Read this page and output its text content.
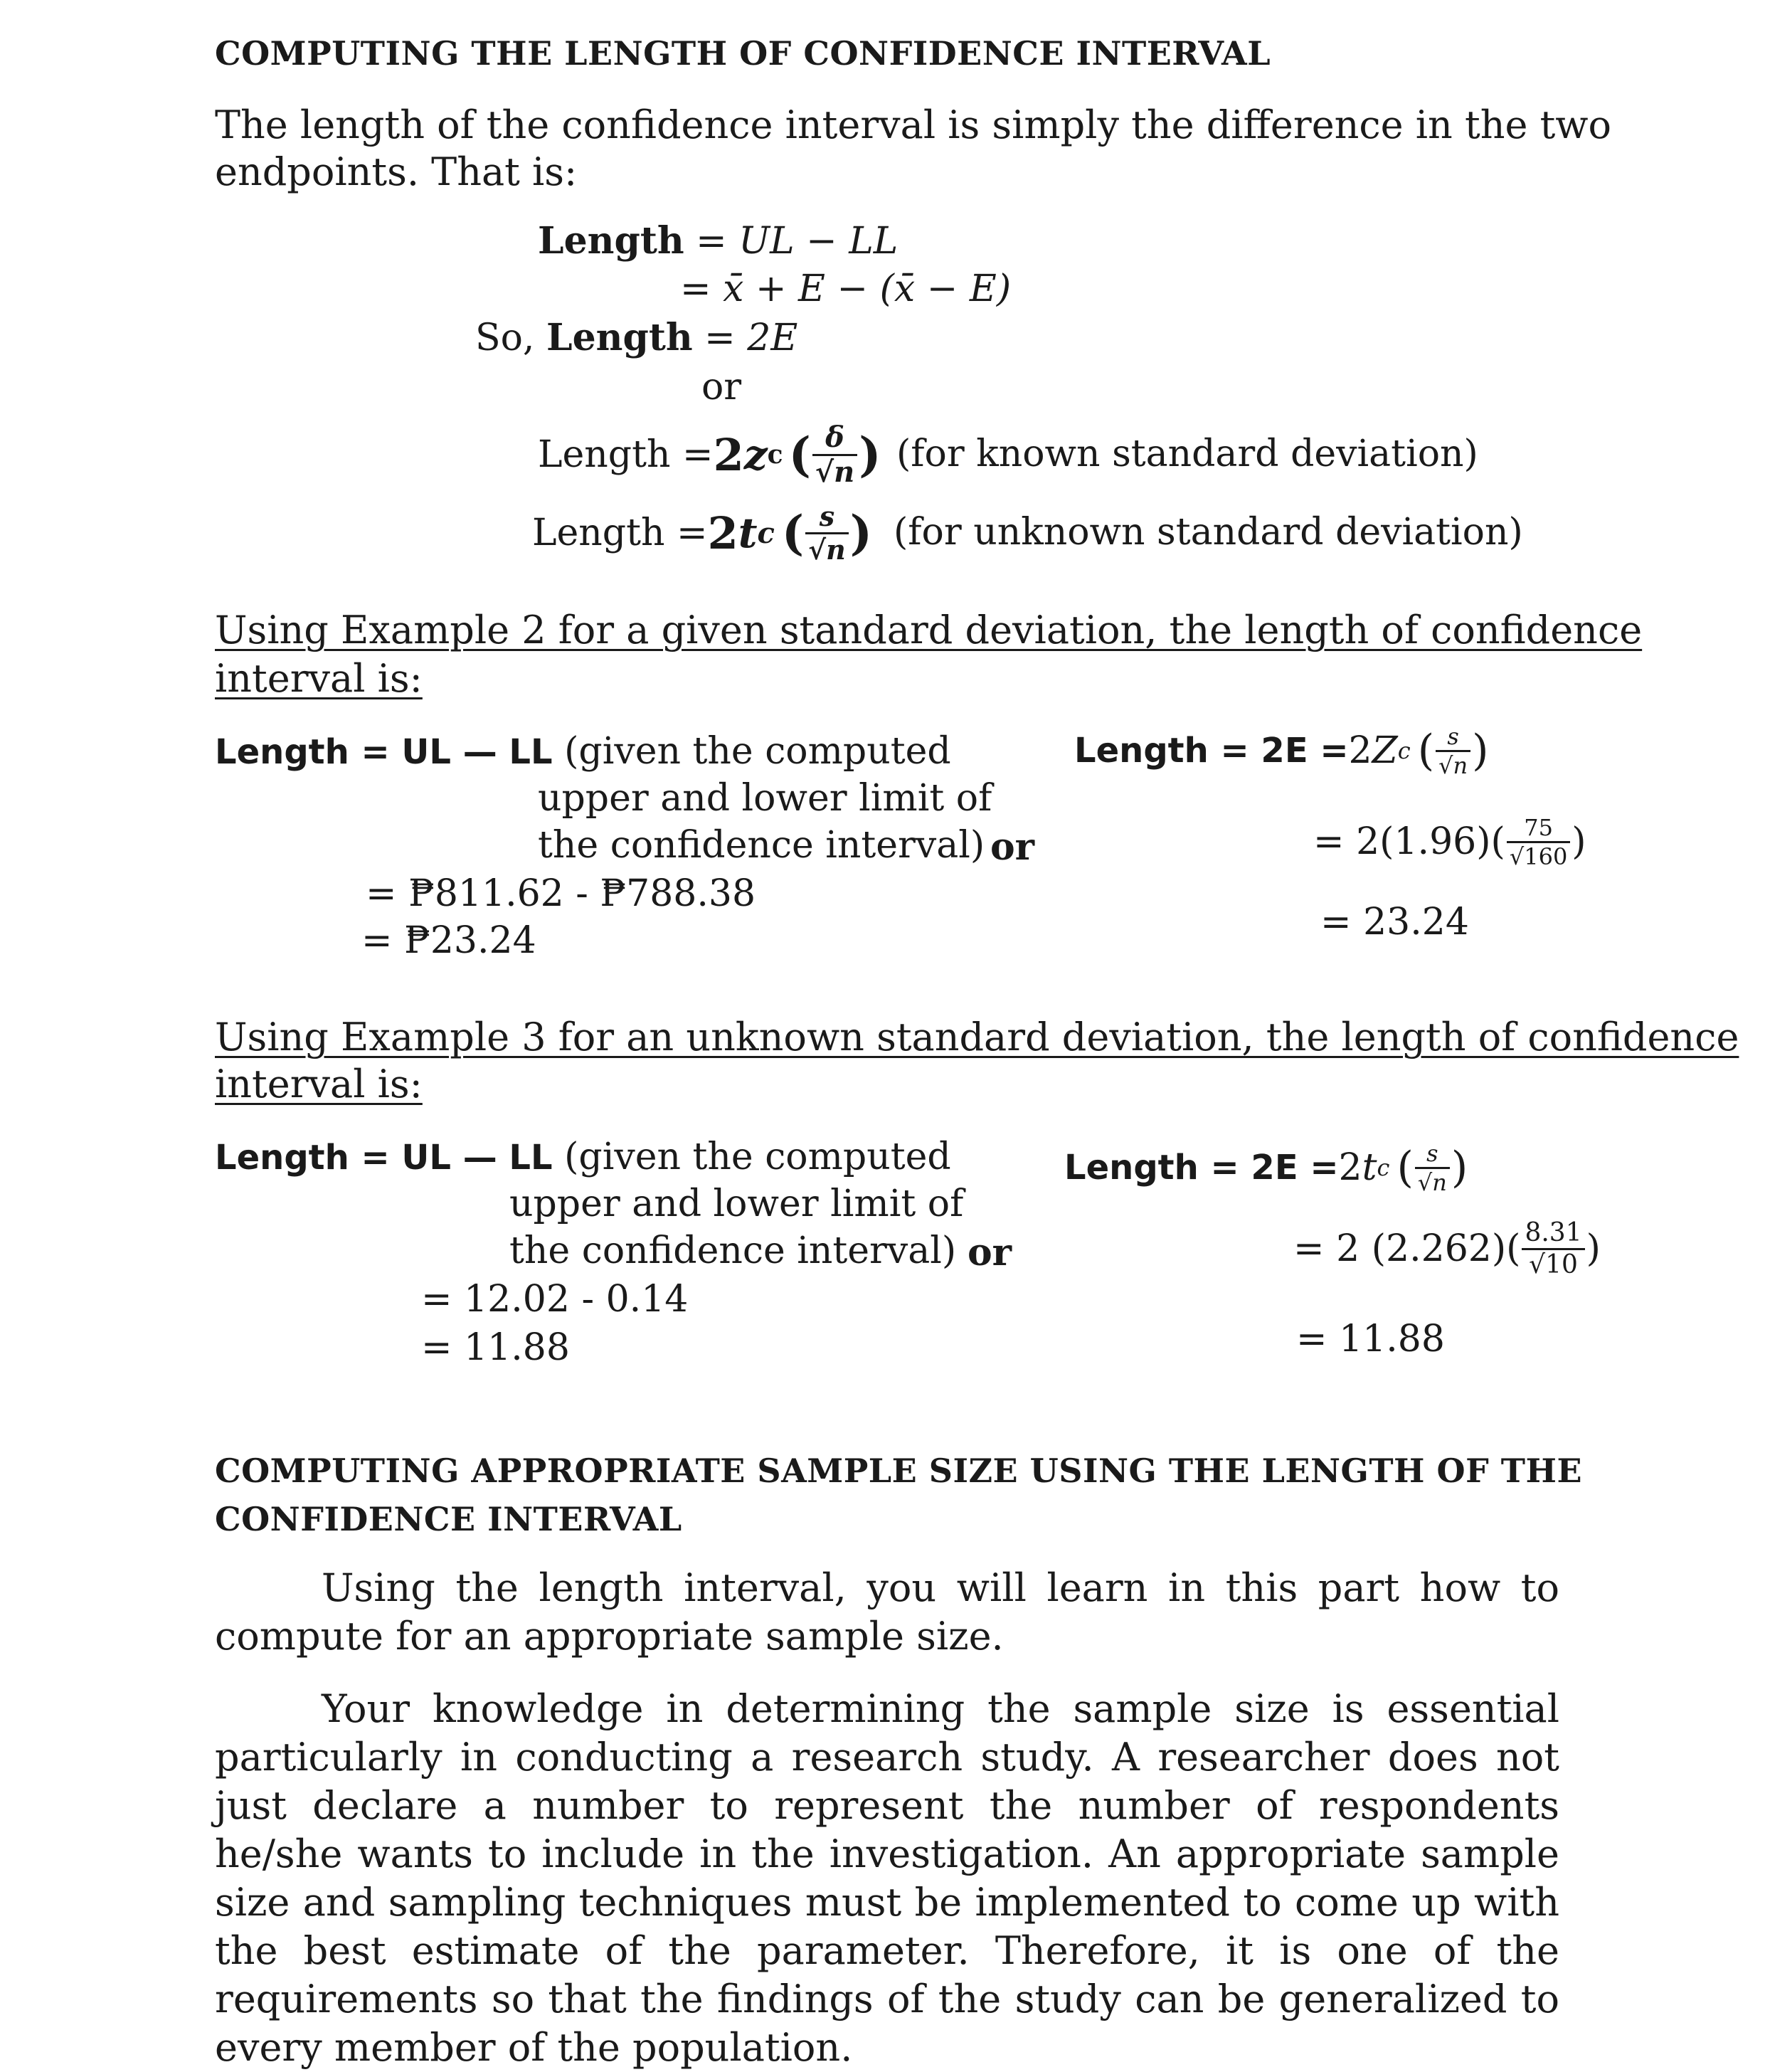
COMPUTING THE LENGTH OF CONFIDENCE INTERVAL
The length of the confidence interval is simply the difference in the two
endpoints. That is:
Length = UL − LL
= x̄ + E − (x̄ − E)
So, Length = 2E
or
Length = 2 z c ( $\frac{\delta}{√n}$ ) (for known standard deviation)
Length = 2 t c ( $\frac{s}{√n}$ ) (for unknown standard deviation)
Using Example 2 for a given standard deviation, the length of confidence
interval is:
Length = UL — LL (given the computed
upper and lower limit of
the confidence interval) or
= ₱811.62 - ₱788.38
= ₱23.24
Length = 2E = 2 Z c ( $\frac{s}{√n}$ )
= $2(1.96)( \frac{75}{√160}$ )
= 23.24
Using Example 3 for an unknown standard deviation, the length of confidence
interval is:
Length = UL — LL (given the computed
upper and lower limit of
the confidence interval) or
= 12.02 - 0.14
= 11.88
Length = 2E = 2 t c ( $\frac{s}{√n}$ )
= 2 $(2.262)( \frac{8.31}{√10}$ )
= 11.88
COMPUTING APPROPRIATE SAMPLE SIZE USING THE LENGTH OF THE
CONFIDENCE INTERVAL
Using the length interval, you will learn in this part how to compute for an appropriate sample size.
Your knowledge in determining the sample size is essential particularly in conducting a research study. A researcher does not just declare a number to represent the number of respondents he/she wants to include in the investigation. An appropriate sample size and sampling techniques must be implemented to come up with the best estimate of the parameter. Therefore, it is one of the requirements so that the findings of the study can be generalized to every member of the population.
